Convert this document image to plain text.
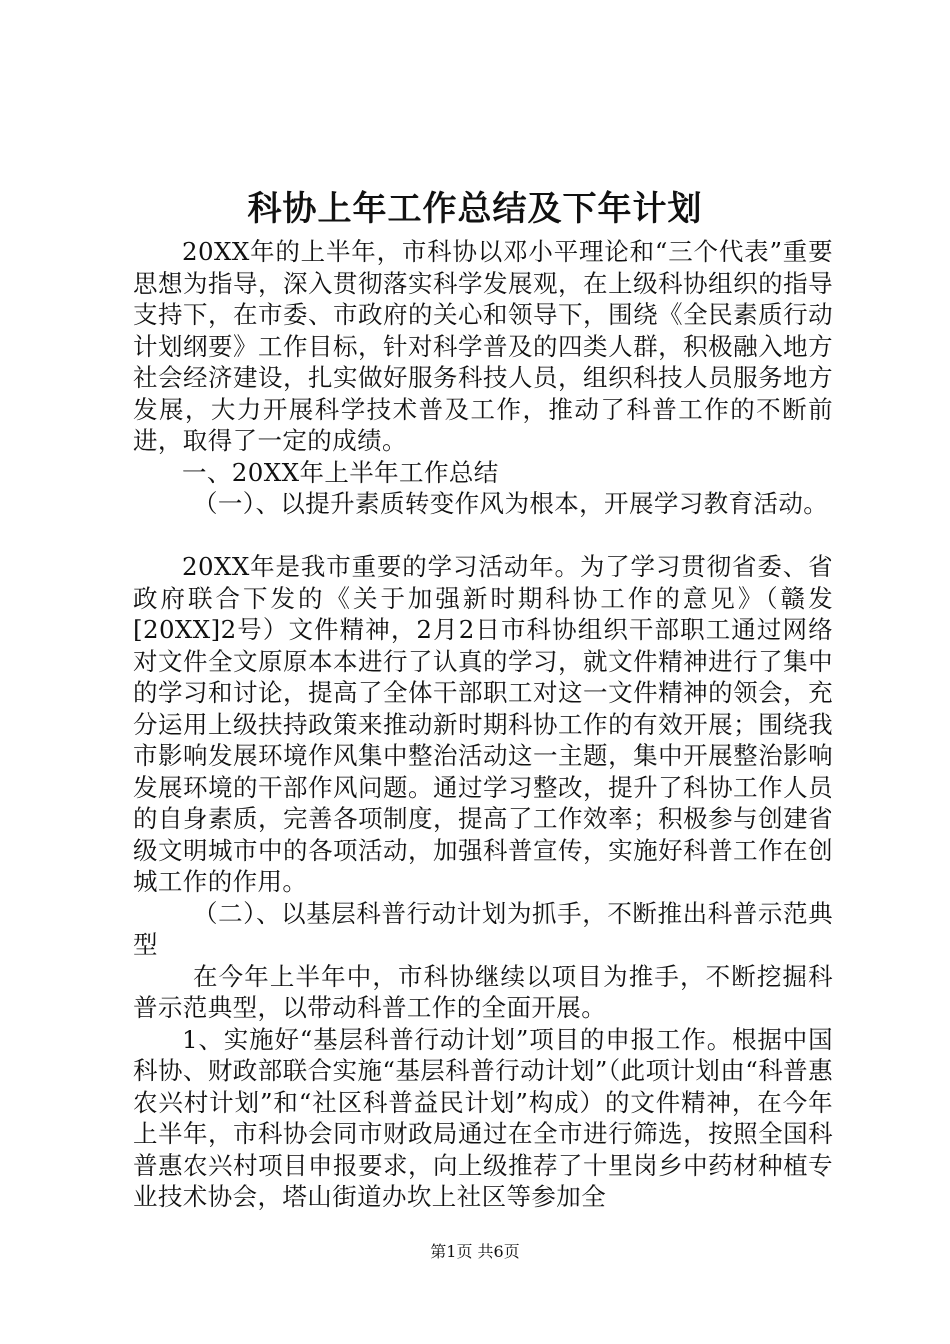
科协上年工作总结及下年计划

20XX年的上半年，市科协以邓小平理论和“三个代表”重要思想为指导，深入贯彻落实科学发展观，在上级科协组织的指导支持下，在市委、市政府的关心和领导下，围绕《全民素质行动计划纲要》工作目标，针对科学普及的四类人群，积极融入地方社会经济建设，扎实做好服务科技人员，组织科技人员服务地方发展，大力开展科学技术普及工作，推动了科普工作的不断前进，取得了一定的成绩。

一、20XX年上半年工作总结

（一）、以提升素质转变作风为根本，开展学习教育活动。

20XX年是我市重要的学习活动年。为了学习贯彻省委、省政府联合下发的《关于加强新时期科协工作的意见》（赣发[20XX]2号）文件精神，2月2日市科协组织干部职工通过网络对文件全文原原本本进行了认真的学习，就文件精神进行了集中的学习和讨论，提高了全体干部职工对这一文件精神的领会，充分运用上级扶持政策来推动新时期科协工作的有效开展；围绕我市影响发展环境作风集中整治活动这一主题，集中开展整治影响发展环境的干部作风问题。通过学习整改，提升了科协工作人员的自身素质，完善各项制度，提高了工作效率；积极参与创建省级文明城市中的各项活动，加强科普宣传，实施好科普工作在创城工作的作用。

（二）、以基层科普行动计划为抓手，不断推出科普示范典型

在今年上半年中，市科协继续以项目为推手，不断挖掘科普示范典型，以带动科普工作的全面开展。

1、实施好“基层科普行动计划”项目的申报工作。根据中国科协、财政部联合实施“基层科普行动计划”（此项计划由“科普惠农兴村计划”和“社区科普益民计划”构成）的文件精神，在今年上半年，市科协会同市财政局通过在全市进行筛选，按照全国科普惠农兴村项目申报要求，向上级推荐了十里岗乡中药材种植专业技术协会，塔山街道办坎上社区等参加全

第1页 共6页
